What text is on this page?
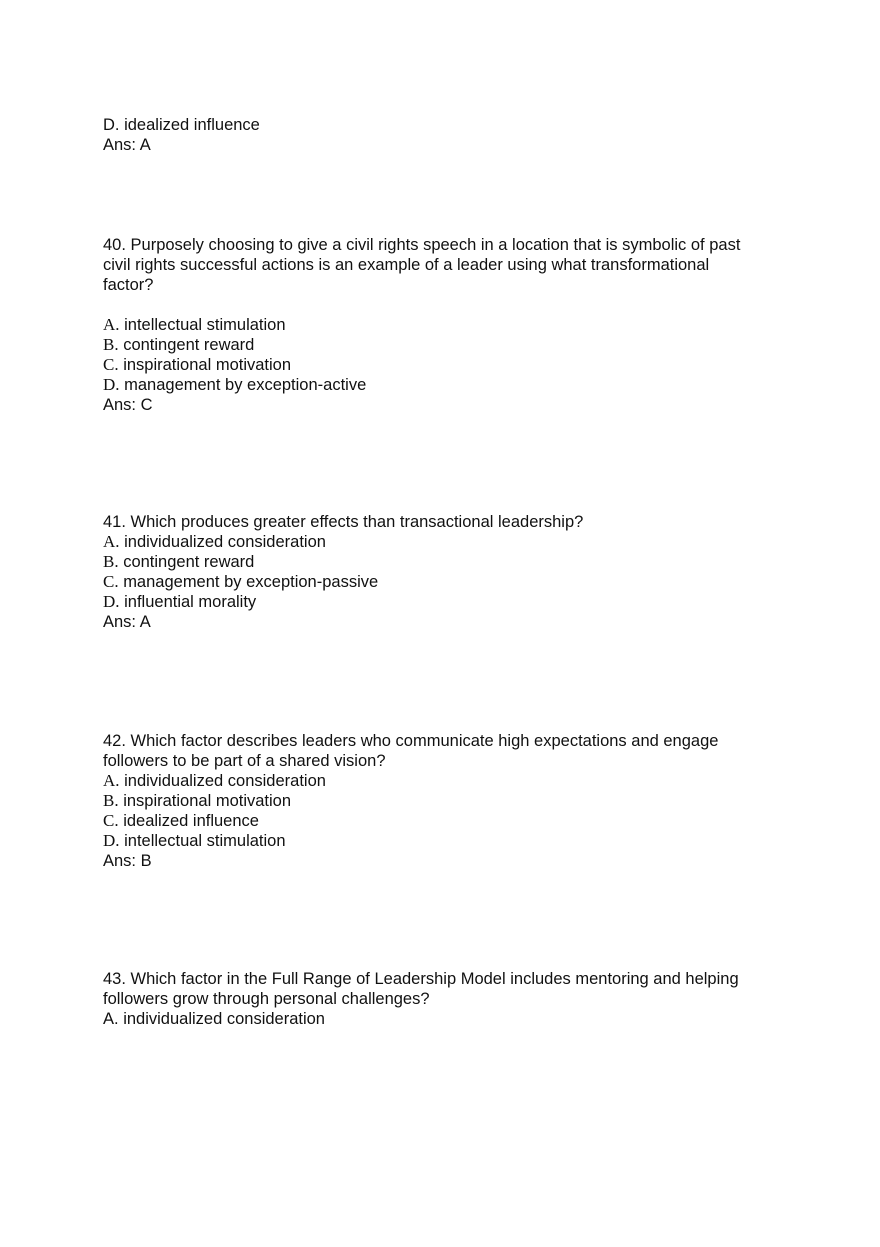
D. idealized influence
Ans: A
40. Purposely choosing to give a civil rights speech in a location that is symbolic of past
civil rights successful actions is an example of a leader using what transformational
factor?
A. intellectual stimulation
B. contingent reward
C. inspirational motivation
D. management by exception-active
Ans: C
41. Which produces greater effects than transactional leadership?
A. individualized consideration
B. contingent reward
C. management by exception-passive
D. influential morality
Ans: A
42. Which factor describes leaders who communicate high expectations and engage
followers to be part of a shared vision?
A. individualized consideration
B. inspirational motivation
C. idealized influence
D. intellectual stimulation
Ans: B
43. Which factor in the Full Range of Leadership Model includes mentoring and helping
followers grow through personal challenges?
A. individualized consideration
